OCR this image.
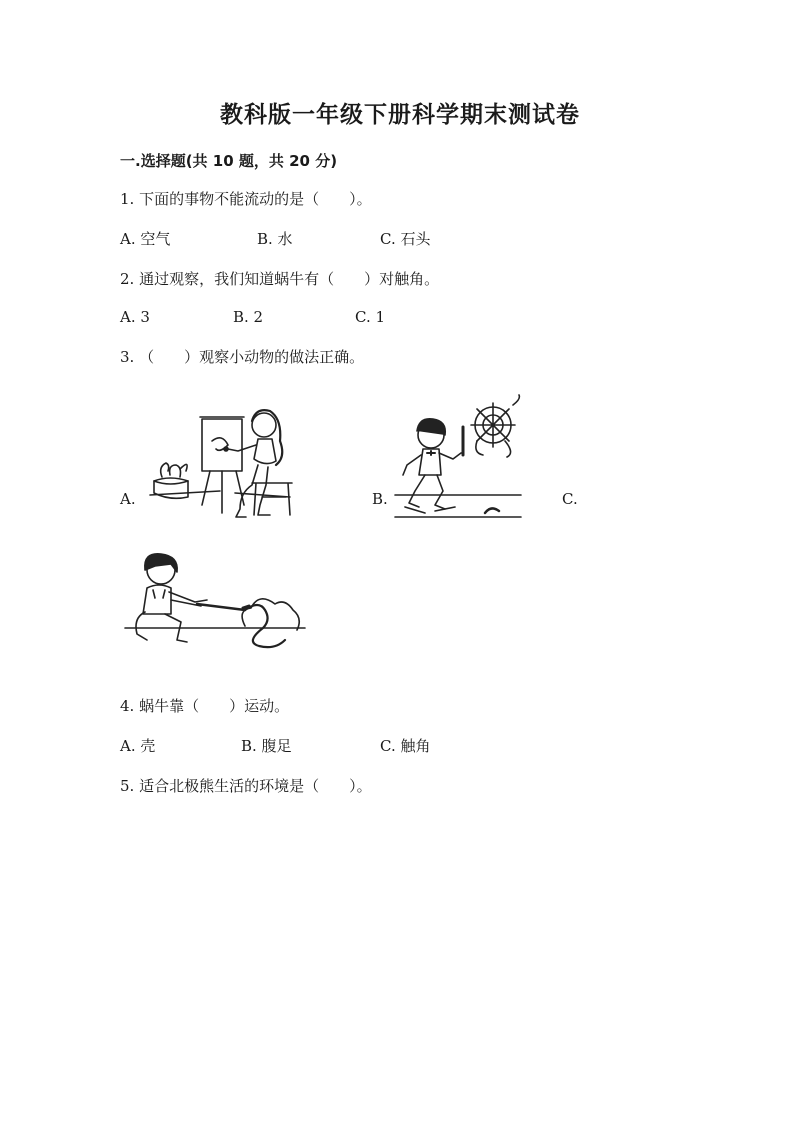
教科版一年级下册科学期末测试卷
一.选择题(共 10 题，共 20 分)
1. 下面的事物不能流动的是（　　）。
A. 空气	B. 水	C. 石头
2. 通过观察，我们知道蜗牛有（　　）对触角。
A. 3	B. 2	C. 1
3. （　　）观察小动物的做法正确。
A.	B.	C.
4. 蜗牛靠（　　）运动。
A. 壳	B. 腹足	C. 触角
5. 适合北极熊生活的环境是（　　）。
